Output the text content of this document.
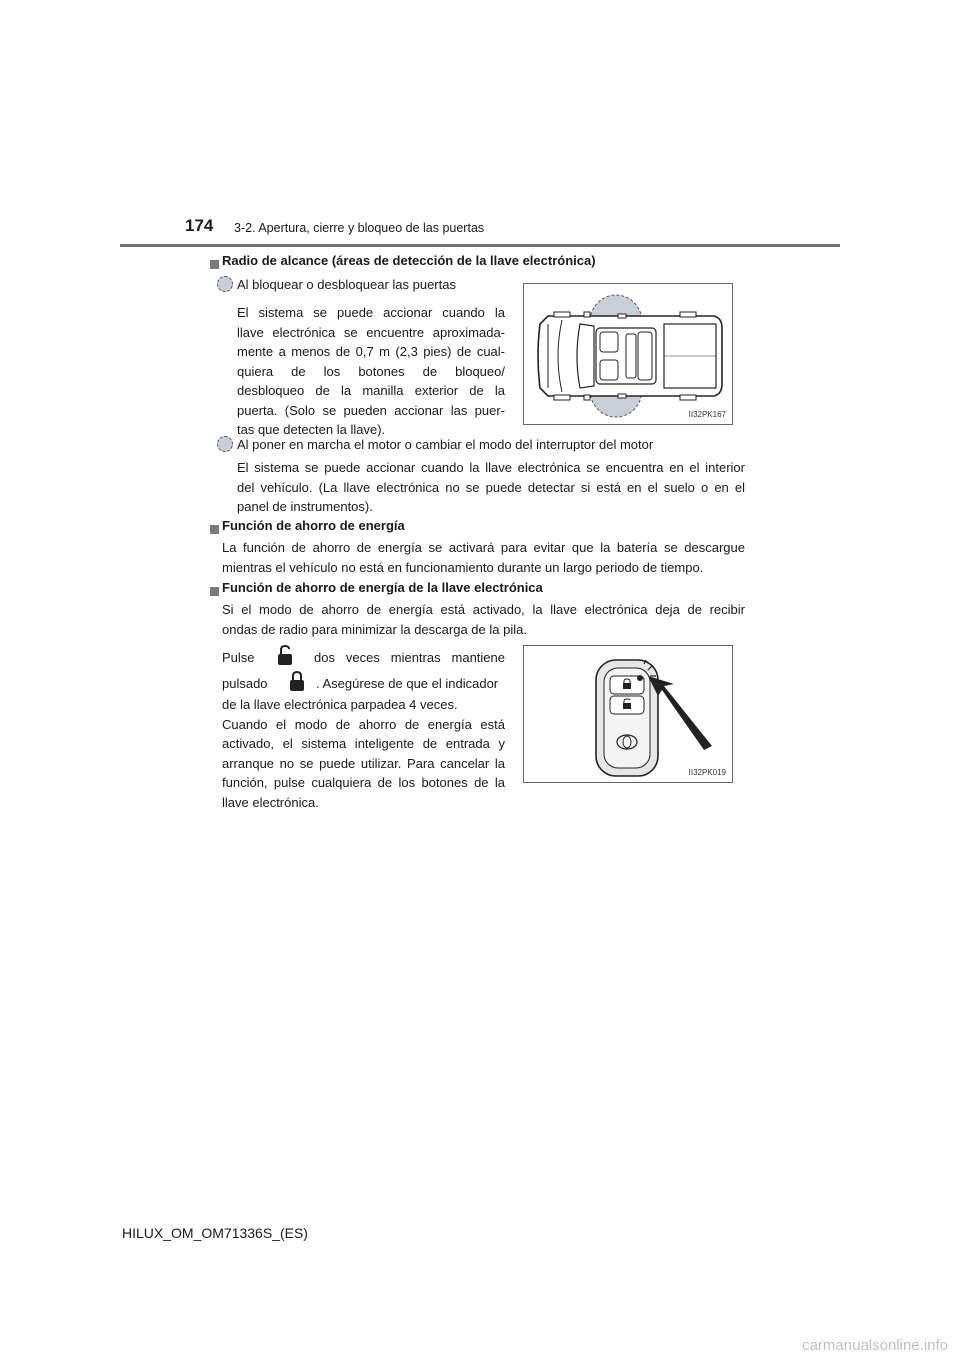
174 3-2. Apertura, cierre y bloqueo de las puertas
Radio de alcance (áreas de detección de la llave electrónica)
Al bloquear o desbloquear las puertas
El sistema se puede accionar cuando la
llave electrónica se encuentre aproximada-
mente a menos de 0,7 m (2,3 pies) de cual-
quiera de los botones de bloqueo/
desbloqueo de la manilla exterior de la
puerta. (Solo se pueden accionar las puer-
tas que detecten la llave).
II32PK167
Al poner en marcha el motor o cambiar el modo del interruptor del motor
El sistema se puede accionar cuando la llave electrónica se encuentra en el interior
del vehículo. (La llave electrónica no se puede detectar si está en el suelo o en el
panel de instrumentos).
Función de ahorro de energía
La función de ahorro de energía se activará para evitar que la batería se descargue
mientras el vehículo no está en funcionamiento durante un largo periodo de tiempo.
Función de ahorro de energía de la llave electrónica
Si el modo de ahorro de energía está activado, la llave electrónica deja de recibir
ondas de radio para minimizar la descarga de la pila.
Pulse	dos veces mientras mantiene
pulsado	. Asegúrese de que el indicador
de la llave electrónica parpadea 4 veces.
Cuando el modo de ahorro de energía está
activado, el sistema inteligente de entrada y
arranque no se puede utilizar. Para cancelar la
función, pulse cualquiera de los botones de la
llave electrónica.
II32PK019
HILUX_OM_OM71336S_(ES)
carmanualsonline.info
